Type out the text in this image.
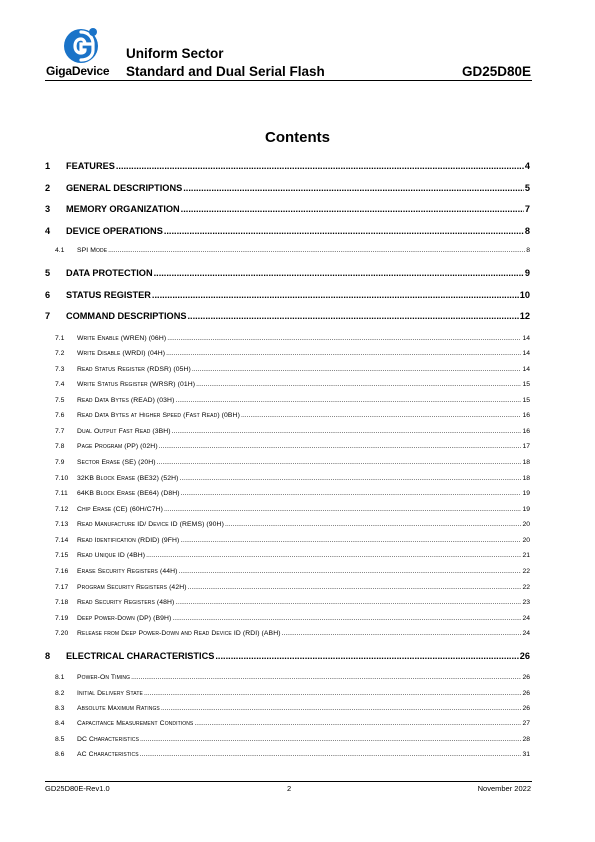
GigaDevice
Uniform Sector
Standard and Dual Serial Flash	GD25D80E
Contents
1	FEATURES .....	4
2	GENERAL DESCRIPTIONS .....	5
3	MEMORY ORGANIZATION .....	7
4	DEVICE OPERATIONS .....	8
4.1	SPI Mode .....	8
5	DATA PROTECTION .....	9
6	STATUS REGISTER .....	10
7	COMMAND DESCRIPTIONS .....	12
7.1	Write Enable (WREN) (06H) .....	14
7.2	Write Disable (WRDI) (04H) .....	14
7.3	Read Status Register (RDSR) (05H) .....	14
7.4	Write Status Register (WRSR) (01H) .....	15
7.5	Read Data Bytes (READ) (03H) .....	15
7.6	Read Data Bytes at Higher Speed (Fast Read) (0BH) .....	16
7.7	Dual Output Fast Read (3BH) .....	16
7.8	Page Program (PP) (02H) .....	17
7.9	Sector Erase (SE) (20H) .....	18
7.10	32KB Block Erase (BE32) (52H) .....	18
7.11	64KB Block Erase (BE64) (D8H) .....	19
7.12	Chip Erase (CE) (60H/C7H) .....	19
7.13	Read Manufacture ID/ Device ID (REMS) (90H) .....	20
7.14	Read Identification (RDID) (9FH) .....	20
7.15	Read Unique ID (4BH) .....	21
7.16	Erase Security Registers (44H) .....	22
7.17	Program Security Registers (42H) .....	22
7.18	Read Security Registers (48H) .....	23
7.19	Deep Power-Down (DP) (B9H) .....	24
7.20	Release from Deep Power-Down and Read Device ID (RDI) (ABH) .....	24
8	ELECTRICAL CHARACTERISTICS .....	26
8.1	Power-On Timing .....	26
8.2	Initial Delivery State .....	26
8.3	Absolute Maximum Ratings .....	26
8.4	Capacitance Measurement Conditions .....	27
8.5	DC Characteristics .....	28
8.6	AC Characteristics .....	31
GD25D80E-Rev1.0	2	November 2022
